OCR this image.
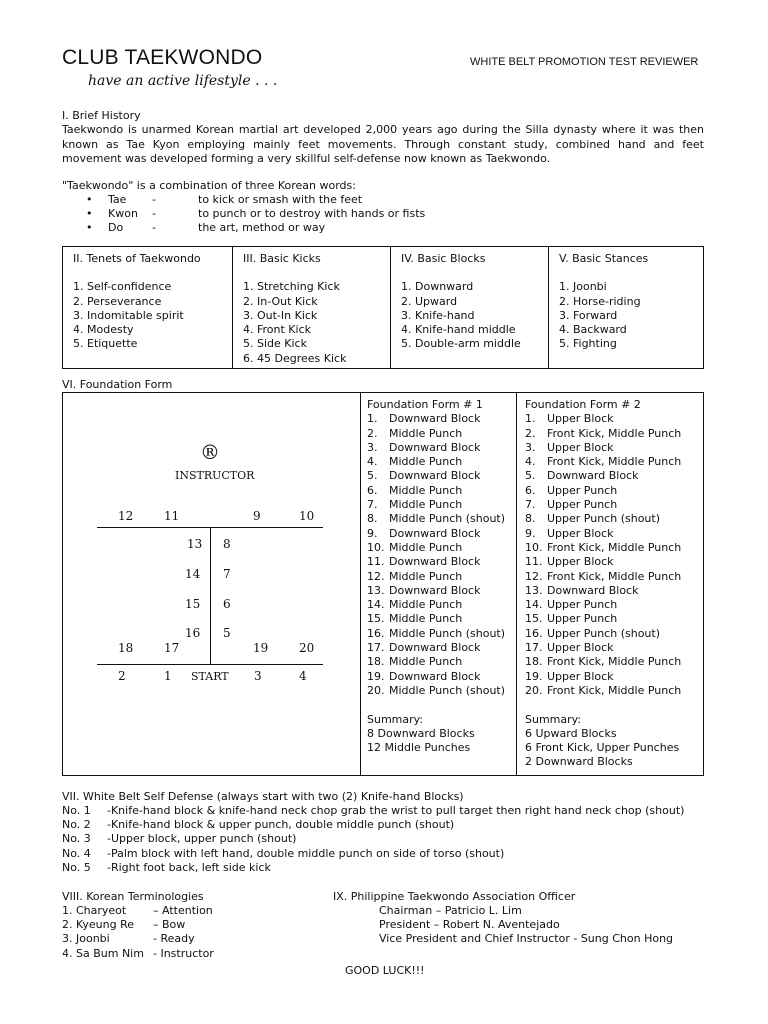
CLUB TAEKWONDO
have an active lifestyle . . .
WHITE BELT PROMOTION TEST REVIEWER
I. Brief History
Taekwondo is unarmed Korean martial art developed 2,000 years ago during the Silla dynasty where it was then known as Tae Kyon employing mainly feet movements. Through constant study, combined hand and feet movement was developed forming a very skillful self-defense now known as Taekwondo.
"Taekwondo" is a combination of three Korean words:
• Tae -	to kick or smash with the feet
• Kwon -	to punch or to destroy with hands or fists
• Do	-	the art, method or way
II. Tenets of Taekwondo
1. Self-confidence
2. Perseverance
3. Indomitable spirit
4. Modesty
5. Etiquette
III. Basic Kicks
1. Stretching Kick
2. In-Out Kick
3. Out-In Kick
4. Front Kick
5. Side Kick
6. 45 Degrees Kick
IV. Basic Blocks
1. Downward
2. Upward
3. Knife-hand
4. Knife-hand middle
5. Double-arm middle
V. Basic Stances
1. Joonbi
2. Horse-riding
3. Forward
4. Backward
5. Fighting
VI. Foundation Form
®
INSTRUCTOR
12	11	9	10
13 8
14 7
15 6
16 5
18	17	19	20
2	1 START 3	4
Foundation Form # 1
1. Downward Block
2. Middle Punch
3. Downward Block
4. Middle Punch
5. Downward Block
6. Middle Punch
7. Middle Punch
8. Middle Punch (shout)
9. Downward Block
10. Middle Punch
11. Downward Block
12. Middle Punch
13. Downward Block
14. Middle Punch
15. Middle Punch
16. Middle Punch (shout)
17. Downward Block
18. Middle Punch
19. Downward Block
20. Middle Punch (shout)
Summary:
8 Downward Blocks
12 Middle Punches
Foundation Form # 2
1. Upper Block
2. Front Kick, Middle Punch
3. Upper Block
4. Front Kick, Middle Punch
5. Downward Block
6. Upper Punch
7. Upper Punch
8. Upper Punch (shout)
9. Upper Block
10. Front Kick, Middle Punch
11. Upper Block
12. Front Kick, Middle Punch
13. Downward Block
14. Upper Punch
15. Upper Punch
16. Upper Punch (shout)
17. Upper Block
18. Front Kick, Middle Punch
19. Upper Block
20. Front Kick, Middle Punch
Summary:
6 Upward Blocks
6 Front Kick, Upper Punches
2 Downward Blocks
VII. White Belt Self Defense (always start with two (2) Knife-hand Blocks)
No. 1 -Knife-hand block & knife-hand neck chop grab the wrist to pull target then right hand neck chop (shout)
No. 2 -Knife-hand block & upper punch, double middle punch (shout)
No. 3 -Upper block, upper punch (shout)
No. 4 -Palm block with left hand, double middle punch on side of torso (shout)
No. 5 -Right foot back, left side kick
VIII. Korean Terminologies
1. Charyeot – Attention
2. Kyeung Re – Bow
3. Joonbi	- Ready
4. Sa Bum Nim - Instructor
IX. Philippine Taekwondo Association Officer
Chairman – Patricio L. Lim
President – Robert N. Aventejado
Vice President and Chief Instructor - Sung Chon Hong
GOOD LUCK!!!
